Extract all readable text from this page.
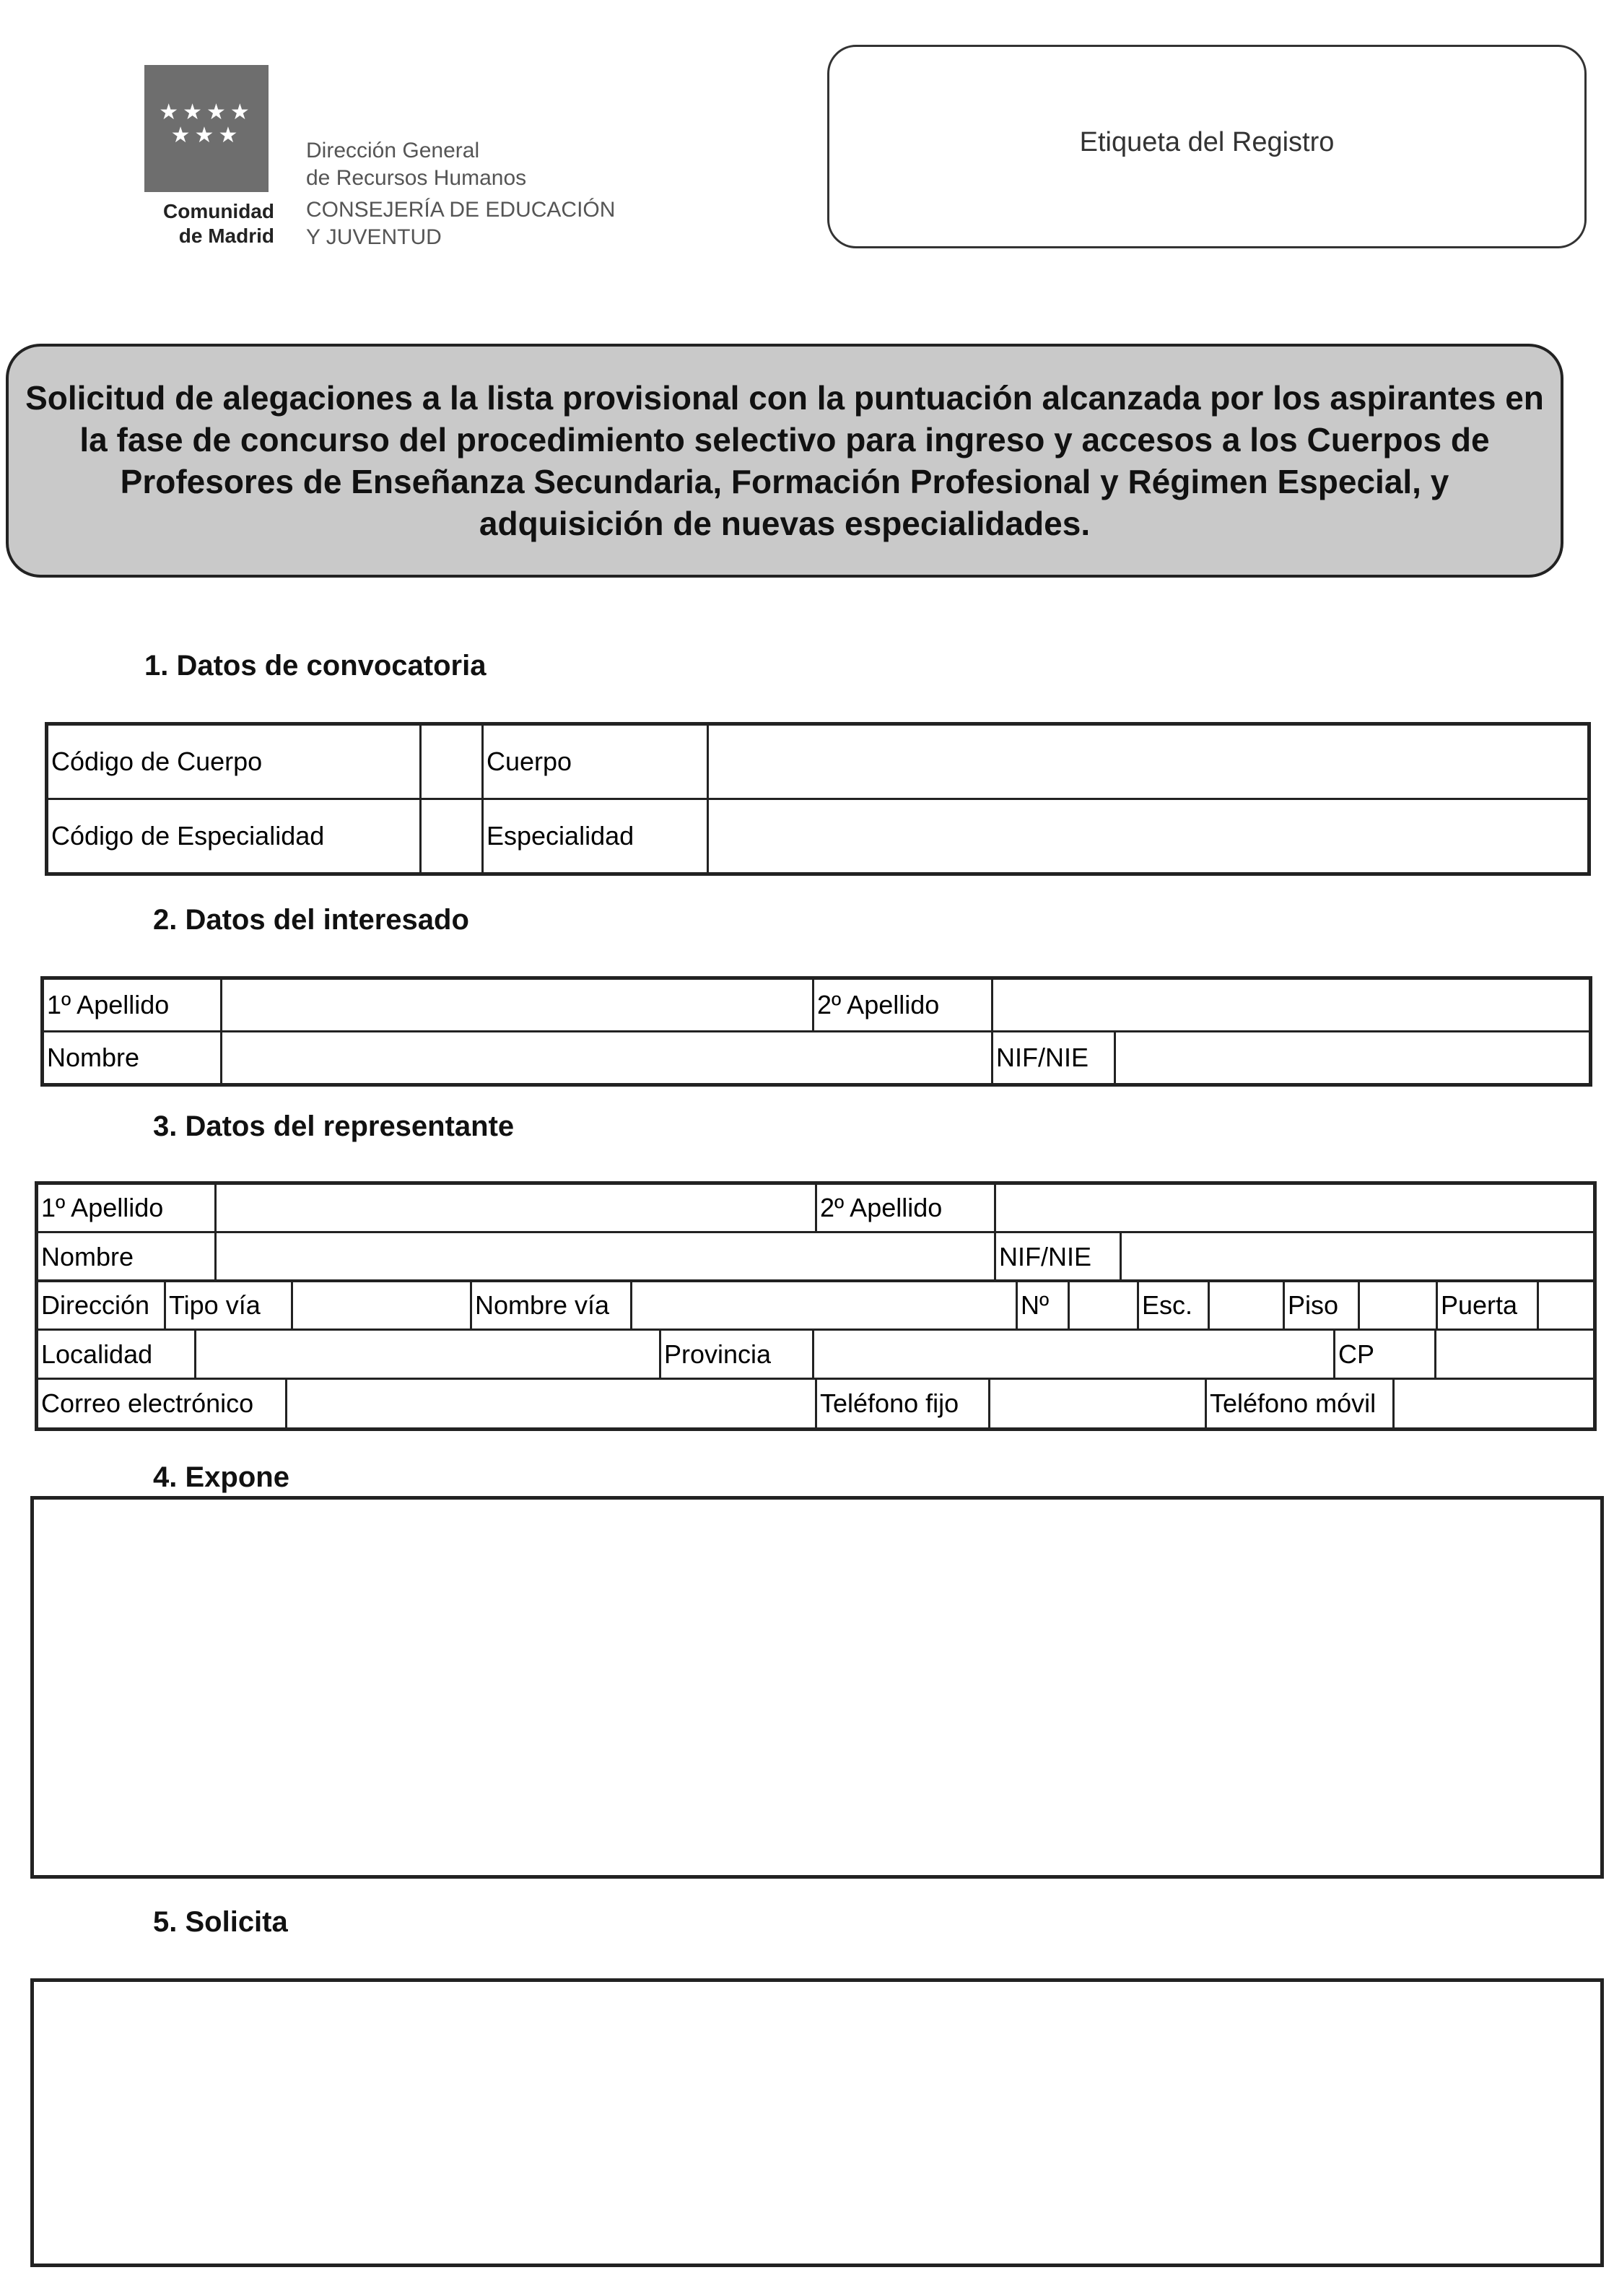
★★★★
★★★
Comunidad
de Madrid
Dirección General
de Recursos Humanos
CONSEJERÍA DE EDUCACIÓN
Y JUVENTUD
Etiqueta del Registro
Solicitud de alegaciones a la lista provisional con la puntuación alcanzada por los aspirantes en la fase de concurso del procedimiento selectivo para ingreso y accesos a los Cuerpos de Profesores de Enseñanza Secundaria, Formación Profesional y Régimen Especial, y adquisición de nuevas especialidades.
1. Datos de convocatoria
Código de Cuerpo		Cuerpo	
Código de Especialidad		Especialidad	
2. Datos del interesado
1º Apellido		2º Apellido		
Nombre			NIF/NIE	
3. Datos del representante
1º Apellido		2º Apellido		
Nombre			NIF/NIE	
Dirección	Tipo vía		Nombre vía		Nº		Esc.		Piso		Puerta	
Localidad		Provincia		CP	
Correo electrónico		Teléfono fijo		Teléfono móvil	
4. Expone
5. Solicita
